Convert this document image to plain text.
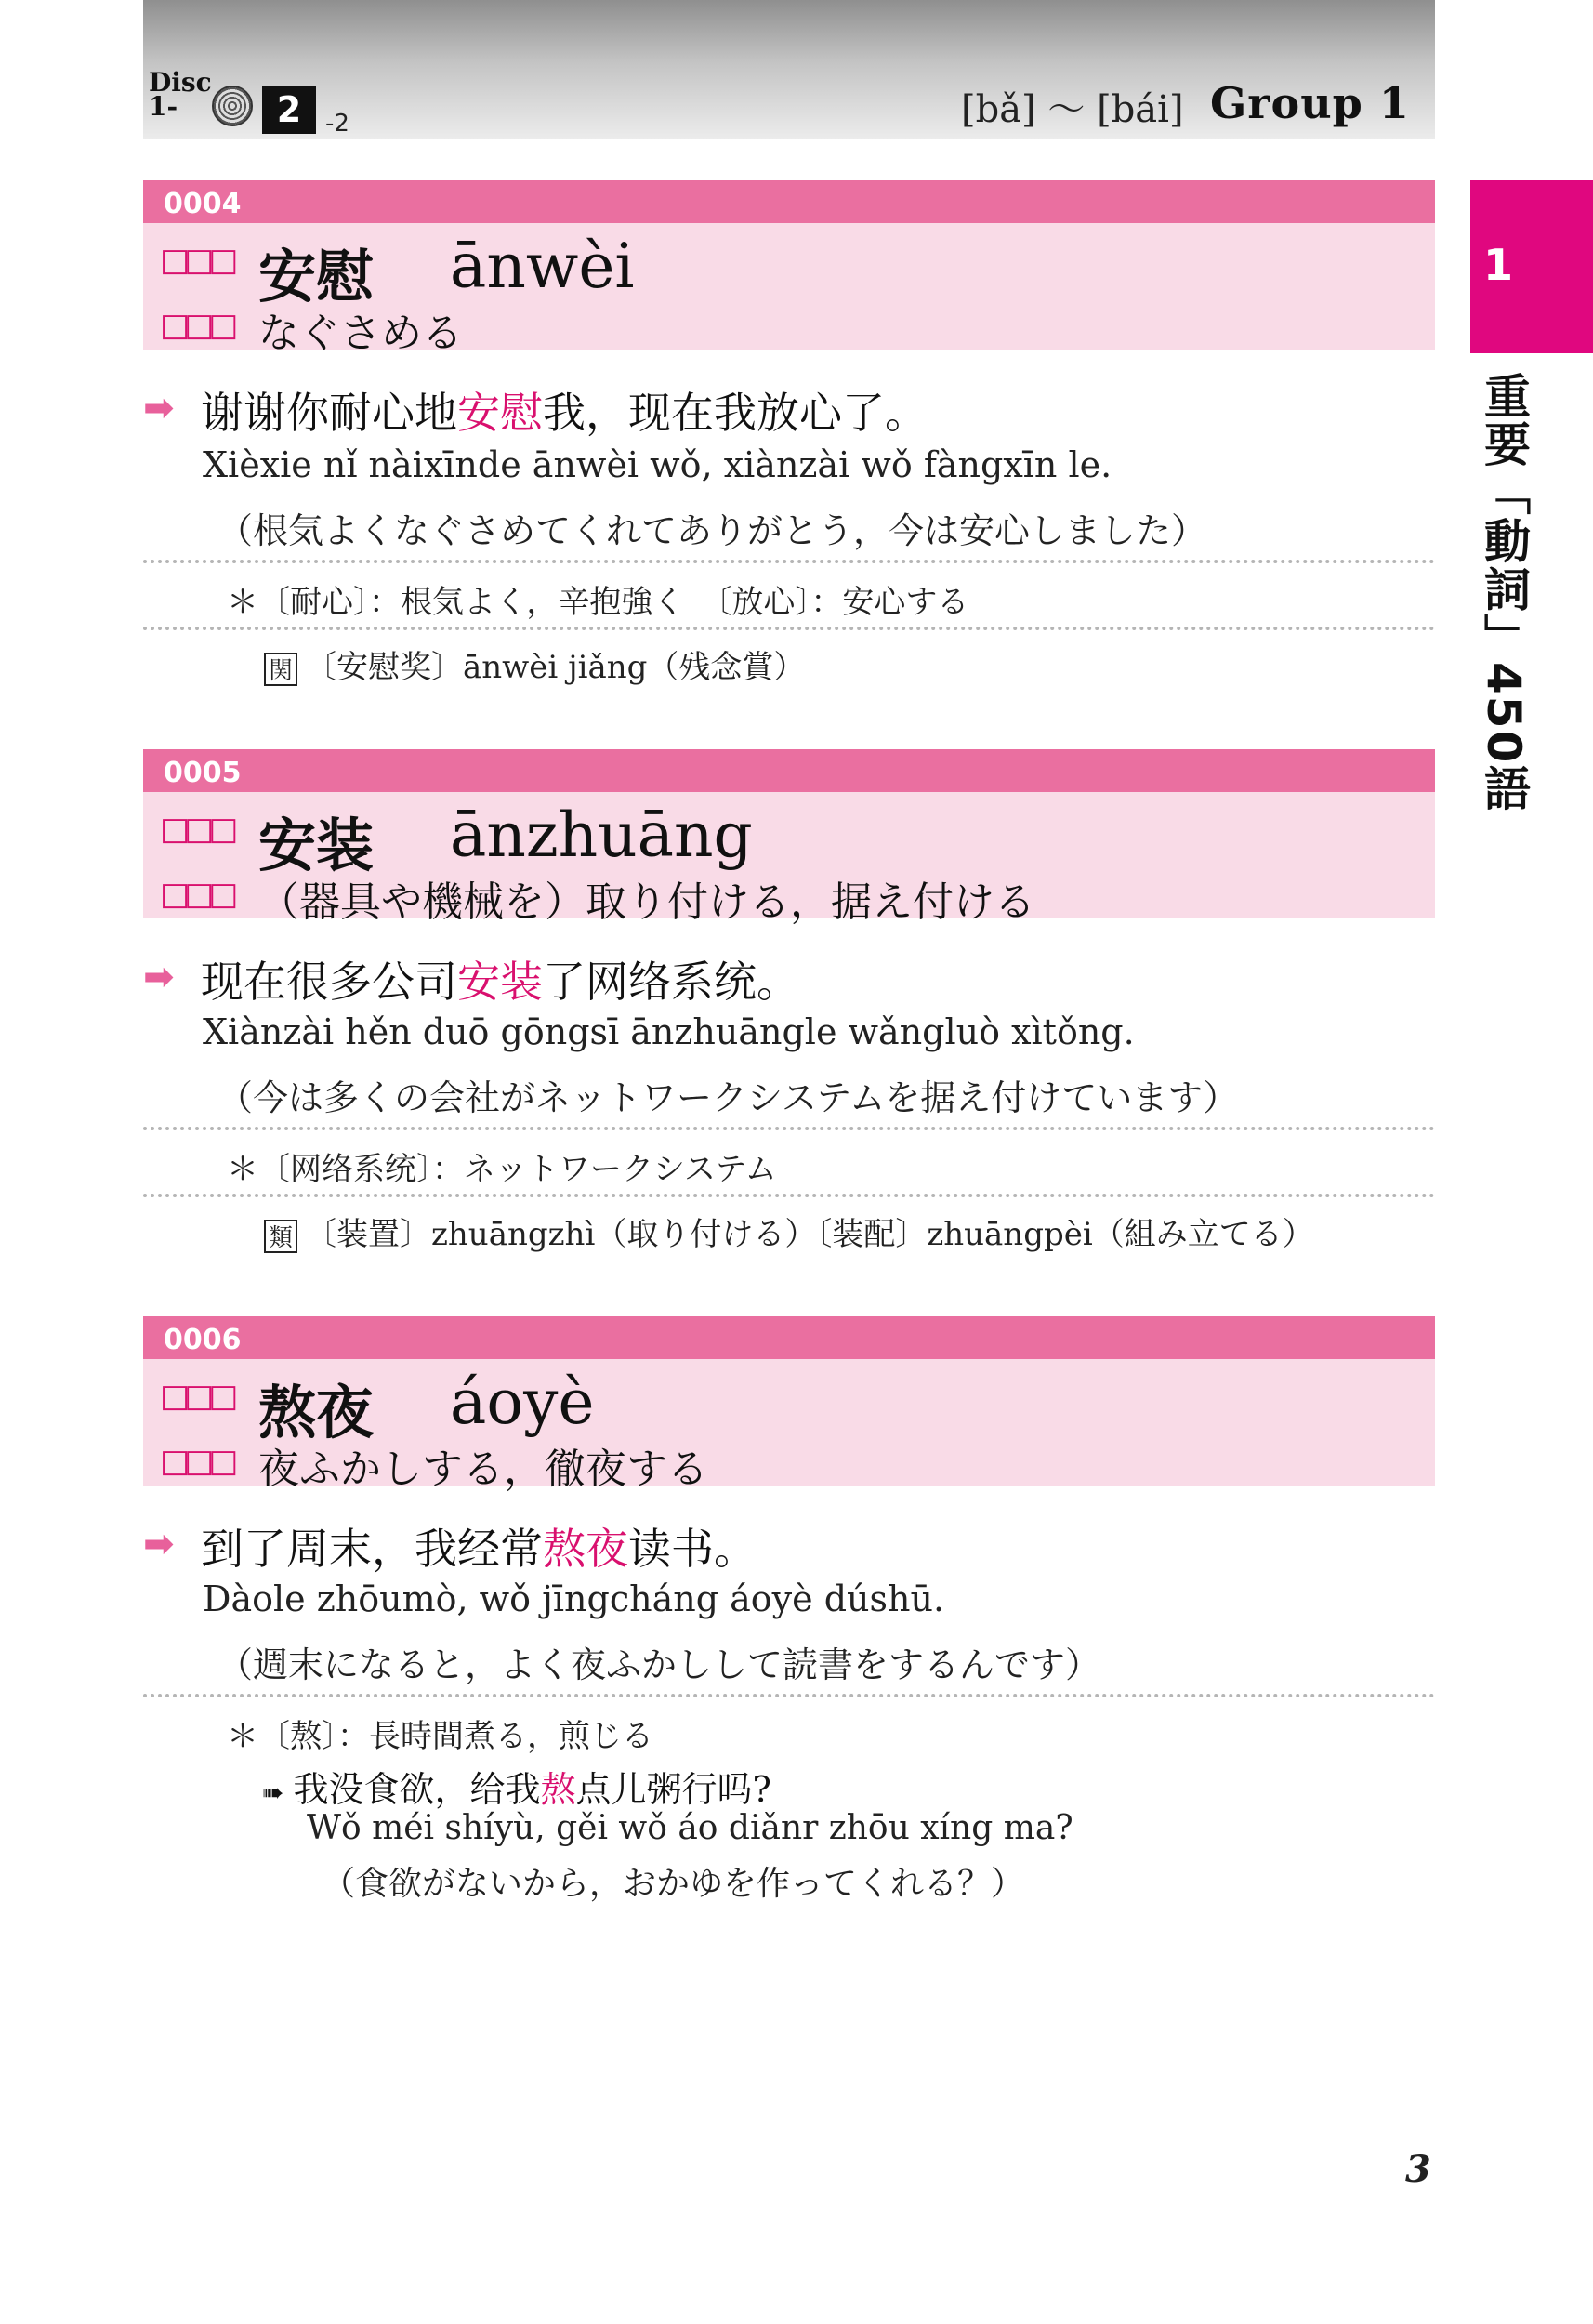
Disc
1-	2 -2	[bǎ] ～ [bái] Group 1
1
重要「動詞」450語
0004
□□□
□□□
安慰 ānwèi
なぐさめる
➡ 谢谢你耐心地安慰我，现在我放心了。
Xièxie nǐ nàixīnde ānwèi wǒ, xiànzài wǒ fàngxīn le.
（根気よくなぐさめてくれてありがとう，今は安心しました）
＊〔耐心〕：根気よく，辛抱強く　〔放心〕：安心する
関 〔安慰奖〕ānwèi jiǎng（残念賞）
0005
□□□
□□□
安装 ānzhuāng
（器具や機械を）取り付ける，据え付ける
➡ 现在很多公司安装了网络系统。
Xiànzài hěn duō gōngsī ānzhuāngle wǎngluò xìtǒng.
（今は多くの会社がネットワークシステムを据え付けています）
＊〔网络系统〕：ネットワークシステム
類 〔装置〕zhuāngzhì（取り付ける）〔装配〕zhuāngpèi（組み立てる）
0006
□□□
□□□
熬夜 áoyè
夜ふかしする，徹夜する
➡ 到了周末，我经常熬夜读书。
Dàole zhōumò, wǒ jīngcháng áoyè dúshū.
（週末になると，よく夜ふかしして読書をするんです）
＊〔熬〕：長時間煮る，煎じる
➠ 我没食欲，给我熬点儿粥行吗?
Wǒ méi shíyù, gěi wǒ áo diǎnr zhōu xíng ma?
（食欲がないから，おかゆを作ってくれる？）
3
